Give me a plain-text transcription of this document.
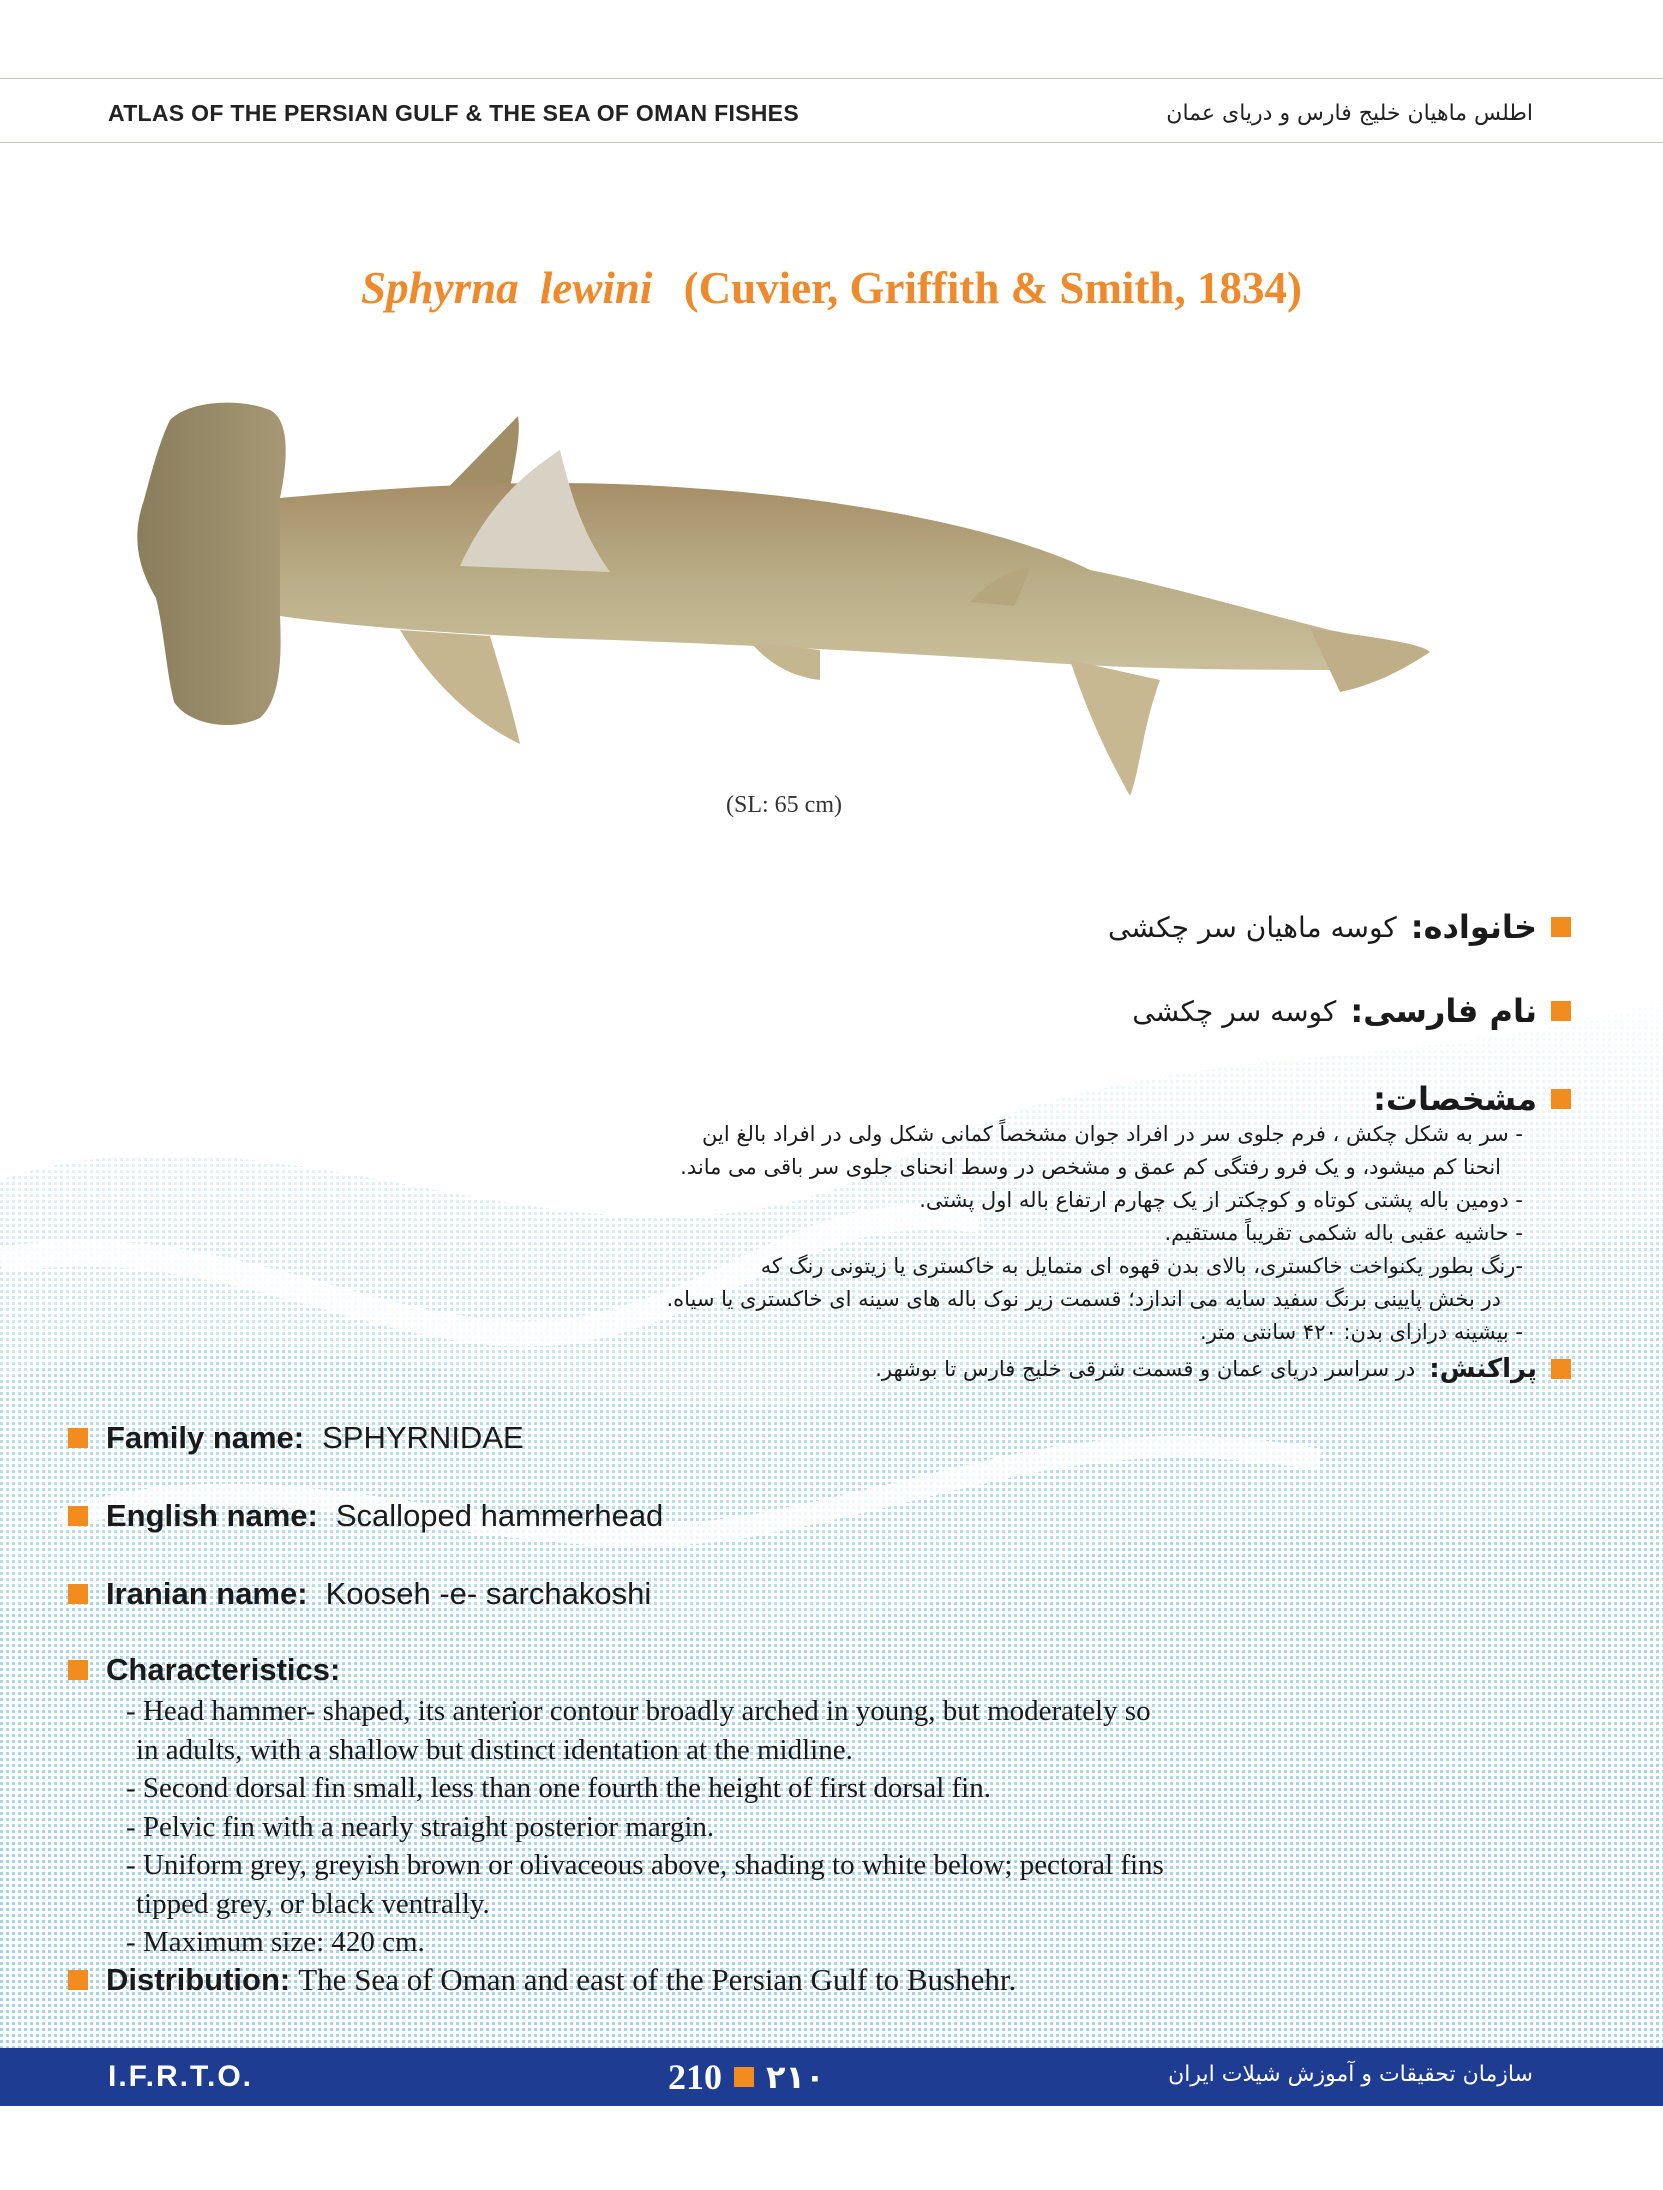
ATLAS OF THE PERSIAN GULF & THE SEA OF OMAN FISHES	اطلس ماهیان خلیج فارس و دریای عمان
Sphyrna lewini (Cuvier, Griffith & Smith, 1834)
(SL: 65 cm)
خانواده:
کوسه ماهیان سر چکشی
نام فارسی:
کوسه سر چکشی
مشخصات:
- سر به شکل چکش ، فرم جلوی سر در افراد جوان مشخصاً کمانی شکل ولی در افراد بالغ این
انحنا کم میشود، و یک فرو رفتگی کم عمق و مشخص در وسط انحنای جلوی سر باقی می ماند.
- دومین باله پشتی کوتاه و کوچکتر از یک چهارم ارتفاع باله اول پشتی.
- حاشیه عقبی باله شکمی تقریباً مستقیم.
-رنگ بطور یکنواخت خاکستری، بالای بدن قهوه ای متمایل به خاکستری یا زیتونی رنگ که
در بخش پایینی برنگ سفید سایه می اندازد؛ قسمت زیر نوک باله های سینه ای خاکستری یا سیاه.
- بیشینه درازای بدن: ۴۲۰ سانتی متر.
پراکنش:
در سراسر دریای عمان و قسمت شرقی خلیج فارس تا بوشهر.
Family name: SPHYRNIDAE
English name: Scalloped hammerhead
Iranian name: Kooseh -e- sarchakoshi
Characteristics:
- Head hammer- shaped, its anterior contour broadly arched in young, but moderately so
in adults, with a shallow but distinct identation at the midline.
- Second dorsal fin small, less than one fourth the height of first dorsal fin.
- Pelvic fin with a nearly straight posterior margin.
- Uniform grey, greyish brown or olivaceous above, shading to white below; pectoral fins
tipped grey, or black ventrally.
- Maximum size: 420 cm.
Distribution: The Sea of Oman and east of the Persian Gulf to Bushehr.
I.F.R.T.O.	210 ۲۱۰	سازمان تحقیقات و آموزش شیلات ایران
